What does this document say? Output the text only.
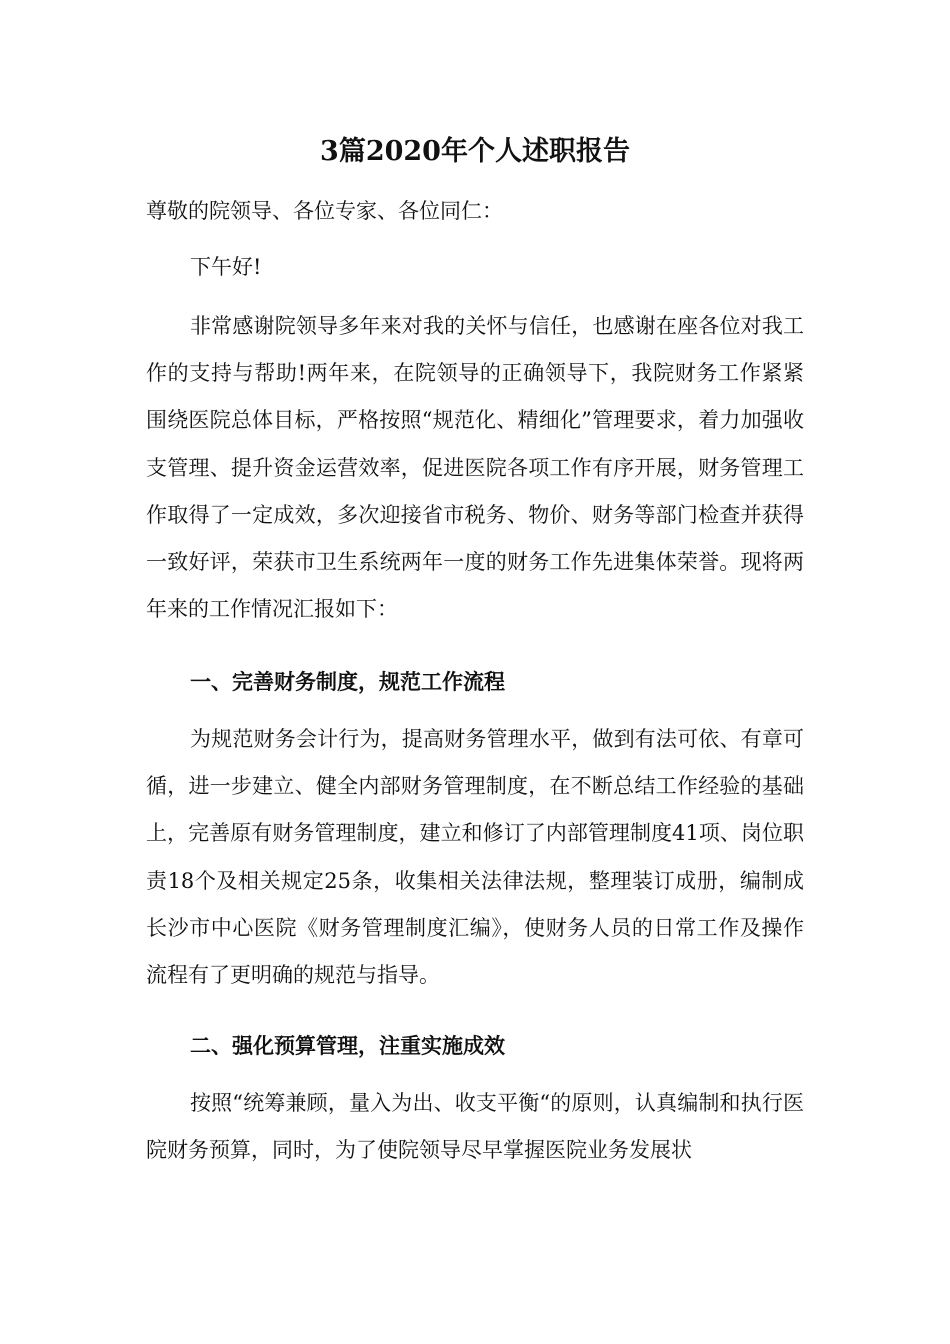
3篇2020年个人述职报告

尊敬的院领导、各位专家、各位同仁：

下午好!

非常感谢院领导多年来对我的关怀与信任，也感谢在座各位对我工作的支持与帮助!两年来，在院领导的正确领导下，我院财务工作紧紧围绕医院总体目标，严格按照“规范化、精细化”管理要求，着力加强收支管理、提升资金运营效率，促进医院各项工作有序开展，财务管理工作取得了一定成效，多次迎接省市税务、物价、财务等部门检查并获得一致好评，荣获市卫生系统两年一度的财务工作先进集体荣誉。现将两年来的工作情况汇报如下：

一、完善财务制度，规范工作流程

为规范财务会计行为，提高财务管理水平，做到有法可依、有章可循，进一步建立、健全内部财务管理制度，在不断总结工作经验的基础上，完善原有财务管理制度，建立和修订了内部管理制度41项、岗位职责18个及相关规定25条，收集相关法律法规，整理装订成册，编制成长沙市中心医院《财务管理制度汇编》，使财务人员的日常工作及操作流程有了更明确的规范与指导。

二、强化预算管理，注重实施成效

按照“统筹兼顾，量入为出、收支平衡“的原则，认真编制和执行医院财务预算，同时，为了使院领导尽早掌握医院业务发展状
